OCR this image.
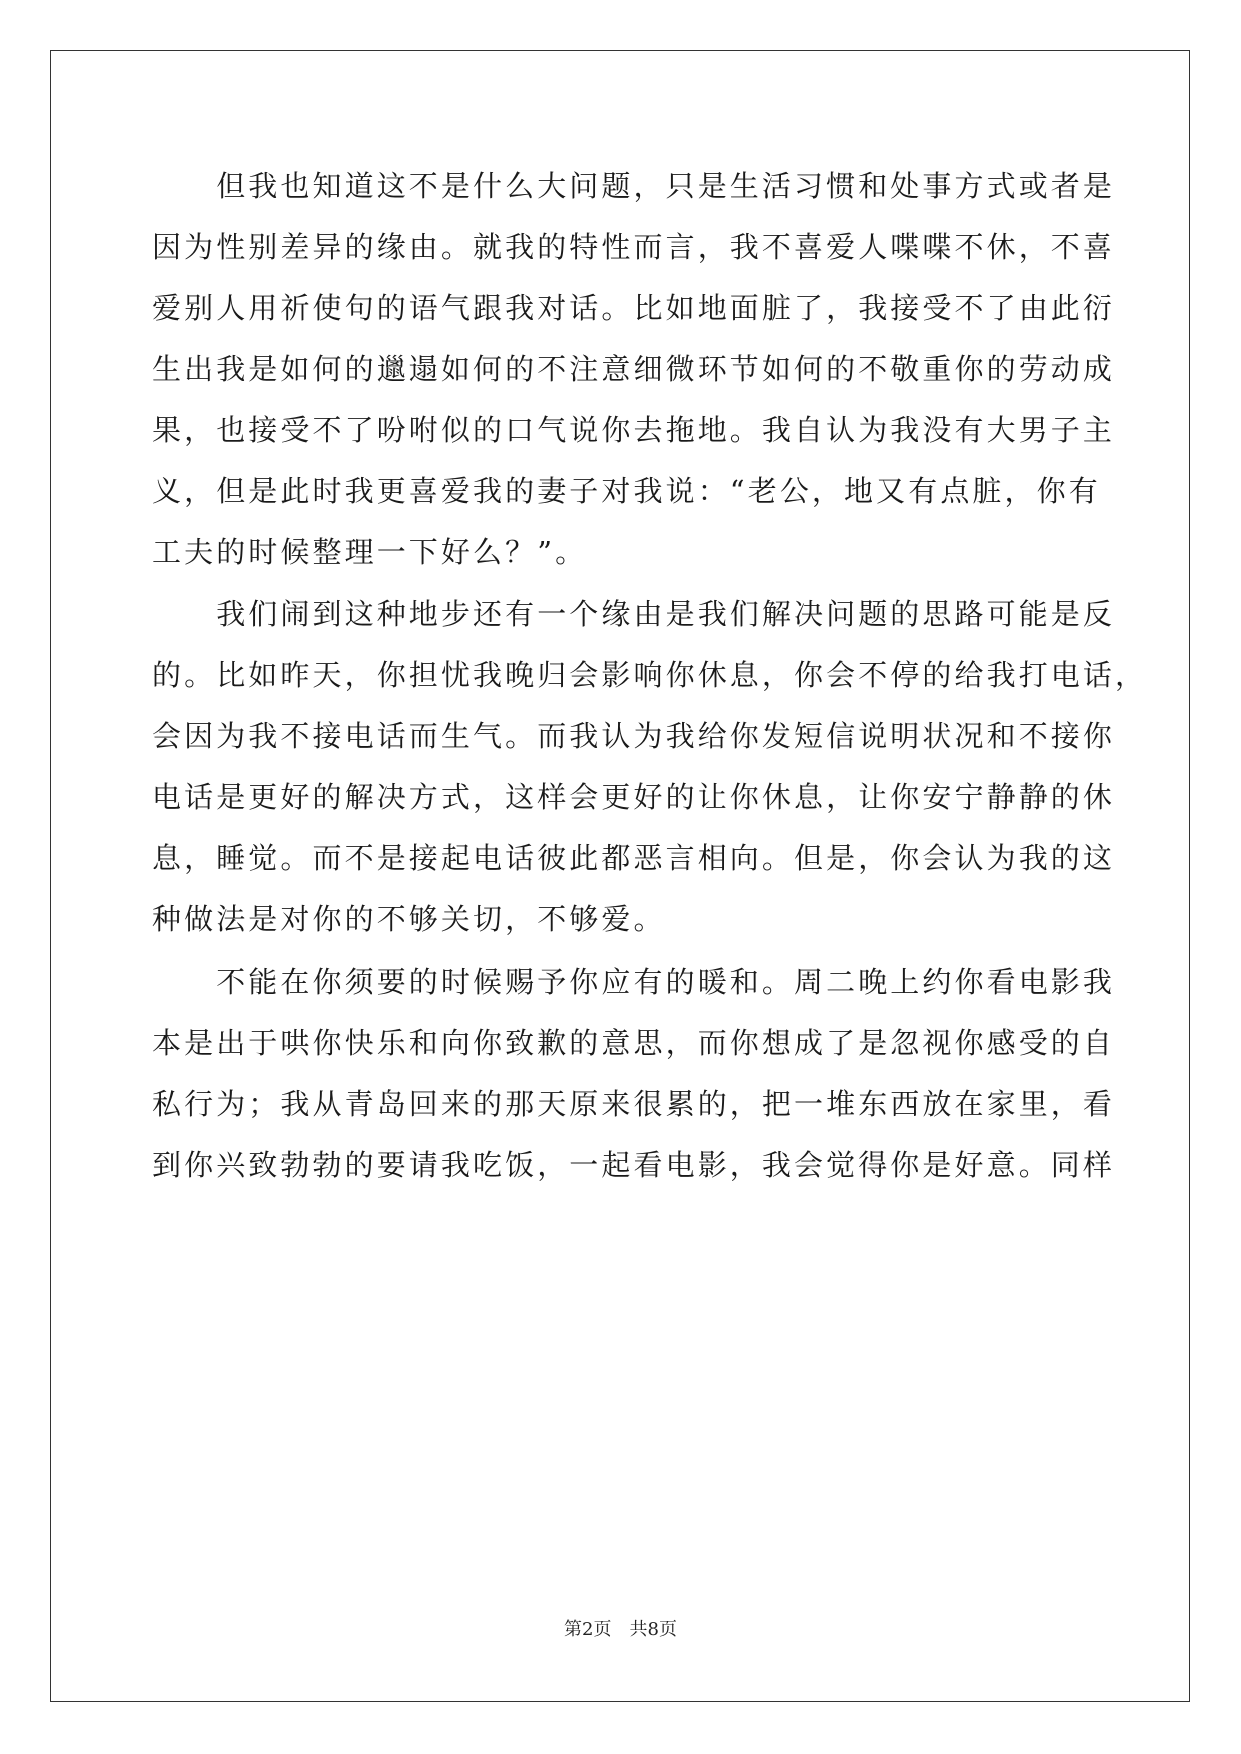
　　但我也知道这不是什么大问题，只是生活习惯和处事方式或者是
因为性别差异的缘由。就我的特性而言，我不喜爱人喋喋不休，不喜
爱别人用祈使句的语气跟我对话。比如地面脏了，我接受不了由此衍
生出我是如何的邋遢如何的不注意细微环节如何的不敬重你的劳动成
果，也接受不了吩咐似的口气说你去拖地。我自认为我没有大男子主
义，但是此时我更喜爱我的妻子对我说：“老公，地又有点脏，你有
工夫的时候整理一下好么？”。
　　我们闹到这种地步还有一个缘由是我们解决问题的思路可能是反
的。比如昨天，你担忧我晚归会影响你休息，你会不停的给我打电话，
会因为我不接电话而生气。而我认为我给你发短信说明状况和不接你
电话是更好的解决方式，这样会更好的让你休息，让你安宁静静的休
息，睡觉。而不是接起电话彼此都恶言相向。但是，你会认为我的这
种做法是对你的不够关切，不够爱。
　　不能在你须要的时候赐予你应有的暖和。周二晚上约你看电影我
本是出于哄你快乐和向你致歉的意思，而你想成了是忽视你感受的自
私行为；我从青岛回来的那天原来很累的，把一堆东西放在家里，看
到你兴致勃勃的要请我吃饭，一起看电影，我会觉得你是好意。同样
第2页　共8页
